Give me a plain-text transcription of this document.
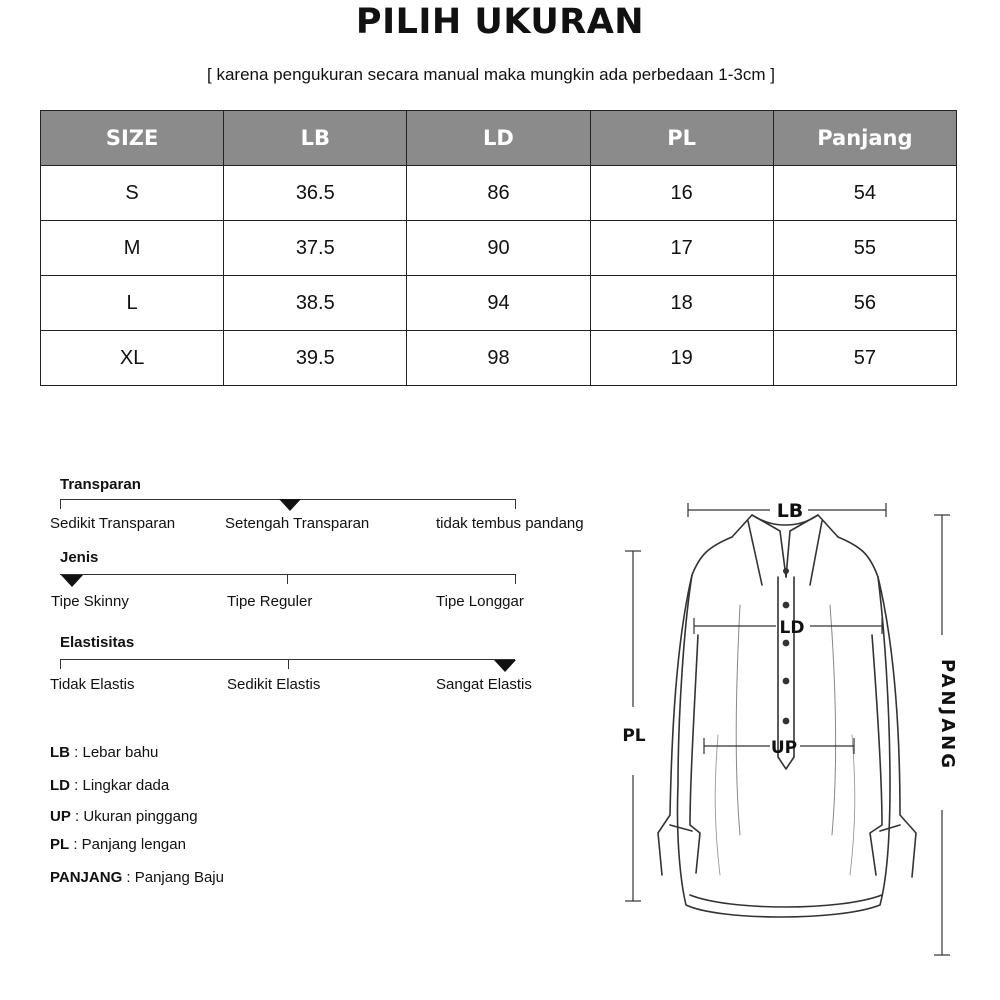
PILIH UKURAN
[ karena pengukuran secara manual maka mungkin ada perbedaan 1-3cm ]
SIZE	LB	LD	PL	Panjang
S	36.5	86	16	54
M	37.5	90	17	55
L	38.5	94	18	56
XL	39.5	98	19	57
Transparan
Sedikit Transparan	Setengah Transparan	tidak tembus pandang
Jenis
Tipe Skinny	Tipe Reguler	Tipe Longgar
Elastisitas
Tidak Elastis	Sedikit Elastis	Sangat Elastis
LB : Lebar bahu
LD : Lingkar dada
UP : Ukuran pinggang
PL : Panjang lengan
PANJANG : Panjang Baju
LB
LD
UP
PL	PANJANG
